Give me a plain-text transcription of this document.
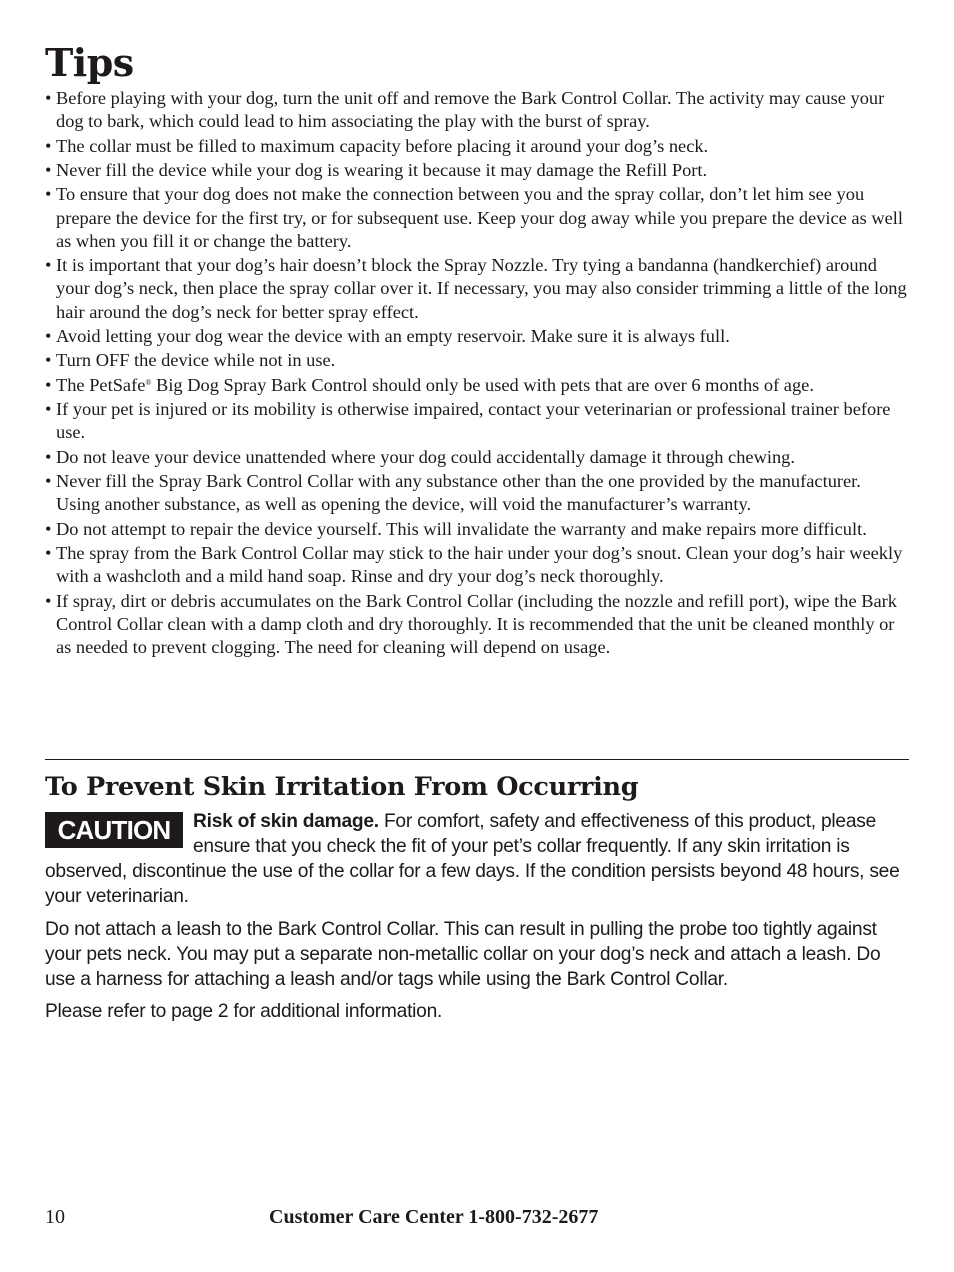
Tips
• Before playing with your dog, turn the unit off and remove the Bark Control Collar. The activity may cause your dog to bark, which could lead to him associating the play with the burst of spray.
• The collar must be filled to maximum capacity before placing it around your dog’s neck.
• Never fill the device while your dog is wearing it because it may damage the Refill Port.
• To ensure that your dog does not make the connection between you and the spray collar, don’t let him see you prepare the device for the first try, or for subsequent use. Keep your dog away while you prepare the device as well as when you fill it or change the battery.
• It is important that your dog’s hair doesn’t block the Spray Nozzle. Try tying a bandanna (handkerchief) around your dog’s neck, then place the spray collar over it. If necessary, you may also consider trimming a little of the long hair around the dog’s neck for better spray effect.
• Avoid letting your dog wear the device with an empty reservoir. Make sure it is always full.
• Turn OFF the device while not in use.
• The PetSafe® Big Dog Spray Bark Control should only be used with pets that are over 6 months of age.
• If your pet is injured or its mobility is otherwise impaired, contact your veterinarian or professional trainer before use.
• Do not leave your device unattended where your dog could accidentally damage it through chewing.
• Never fill the Spray Bark Control Collar with any substance other than the one provided by the manufacturer. Using another substance, as well as opening the device, will void the manufacturer’s warranty.
• Do not attempt to repair the device yourself. This will invalidate the warranty and make repairs more difficult.
• The spray from the Bark Control Collar may stick to the hair under your dog’s snout. Clean your dog’s hair weekly with a washcloth and a mild hand soap. Rinse and dry your dog’s neck thoroughly.
• If spray, dirt or debris accumulates on the Bark Control Collar (including the nozzle and refill port), wipe the Bark Control Collar clean with a damp cloth and dry thoroughly. It is recommended that the unit be cleaned monthly or as needed to prevent clogging. The need for cleaning will depend on usage.
To Prevent Skin Irritation From Occurring
CAUTION	Risk of skin damage. For comfort, safety and effectiveness of this product, please ensure that you check the fit of your pet’s collar frequently. If any skin irritation is observed, discontinue the use of the collar for a few days. If the condition persists beyond 48 hours, see your veterinarian.

Do not attach a leash to the Bark Control Collar. This can result in pulling the probe too tightly against your pets neck. You may put a separate non-metallic collar on your dog’s neck and attach a leash. Do use a harness for attaching a leash and/or tags while using the Bark Control Collar.

Please refer to page 2 for additional information.

10	Customer Care Center 1-800-732-2677
